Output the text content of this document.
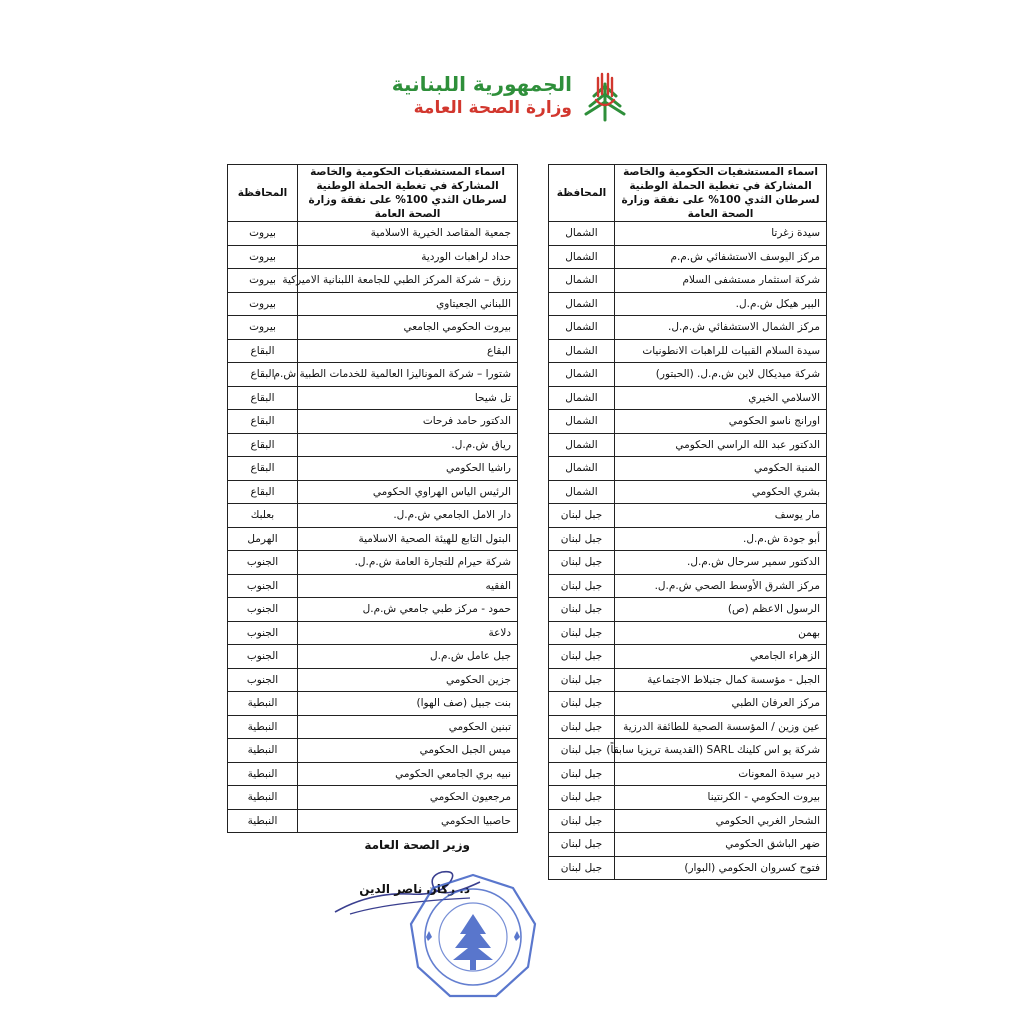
الجمهورية اللبنانية
وزارة الصحة العامة
اسماء المستشفيات الحكومية والخاصة المشاركة في تغطية الحملة الوطنية لسرطان الثدي 100% على نفقة وزارة الصحة العامة	المحافظة
سيدة زغرتا	الشمال
مركز اليوسف الاستشفائي ش.م.م	الشمال
شركة استثمار مستشفى السلام	الشمال
البير هيكل ش.م.ل.	الشمال
مركز الشمال الاستشفائي ش.م.ل.	الشمال
سيدة السلام القبيات للراهبات الانطونيات	الشمال
شركة ميديكال لاين ش.م.ل. (الحبتور)	الشمال
الاسلامي الخيري	الشمال
اورانج ناسو الحكومي	الشمال
الدكتور عبد الله الراسي الحكومي	الشمال
المنية الحكومي	الشمال
بشري الحكومي	الشمال
مار يوسف	جبل لبنان
أبو جودة ش.م.ل.	جبل لبنان
الدكتور سمير سرحال ش.م.ل.	جبل لبنان
مركز الشرق الأوسط الصحي ش.م.ل.	جبل لبنان
الرسول الاعظم (ص)	جبل لبنان
بهمن	جبل لبنان
الزهراء الجامعي	جبل لبنان
الجبل - مؤسسة كمال جنبلاط الاجتماعية	جبل لبنان
مركز العرفان الطبي	جبل لبنان
عين وزين / المؤسسة الصحية للطائفة الدرزية	جبل لبنان
شركة يو اس كلينك SARL (القديسة تريزيا سابقاً)	جبل لبنان
دير سيدة المعونات	جبل لبنان
بيروت الحكومي - الكرنتينا	جبل لبنان
الشحار الغربي الحكومي	جبل لبنان
ضهر الباشق الحكومي	جبل لبنان
فتوح كسروان الحكومي (البوار)	جبل لبنان
اسماء المستشفيات الحكومية والخاصة المشاركة في تغطية الحملة الوطنية لسرطان الثدي 100% على نفقة وزارة الصحة العامة	المحافظة
جمعية المقاصد الخيرية الاسلامية	بيروت
حداد لراهبات الوردية	بيروت
رزق – شركة المركز الطبي للجامعة اللبنانية الاميركية	بيروت
اللبناني الجعيتاوي	بيروت
بيروت الحكومي الجامعي	بيروت
البقاع	البقاع
شتورا – شركة المونالیزا العالمية للخدمات الطبية ش.م	البقاع
تل شيحا	البقاع
الدكتور حامد فرحات	البقاع
رياق ش.م.ل.	البقاع
راشيا الحكومي	البقاع
الرئيس الياس الهراوي الحكومي	البقاع
دار الامل الجامعي ش.م.ل.	بعلبك
البتول التابع للهيئة الصحية الاسلامية	الهرمل
شركة حيرام للتجارة العامة ش.م.ل.	الجنوب
الفقيه	الجنوب
حمود - مركز طبي جامعي ش.م.ل	الجنوب
دلاعة	الجنوب
جبل عامل ش.م.ل	الجنوب
جزين الحكومي	الجنوب
بنت جبيل (صف الهوا)	النبطية
تبنين الحكومي	النبطية
ميس الجبل الحكومي	النبطية
نبيه بري الجامعي الحكومي	النبطية
مرجعيون الحكومي	النبطية
حاصبيا الحكومي	النبطية
وزير الصحة العامة
د. ركان ناصر الدين
